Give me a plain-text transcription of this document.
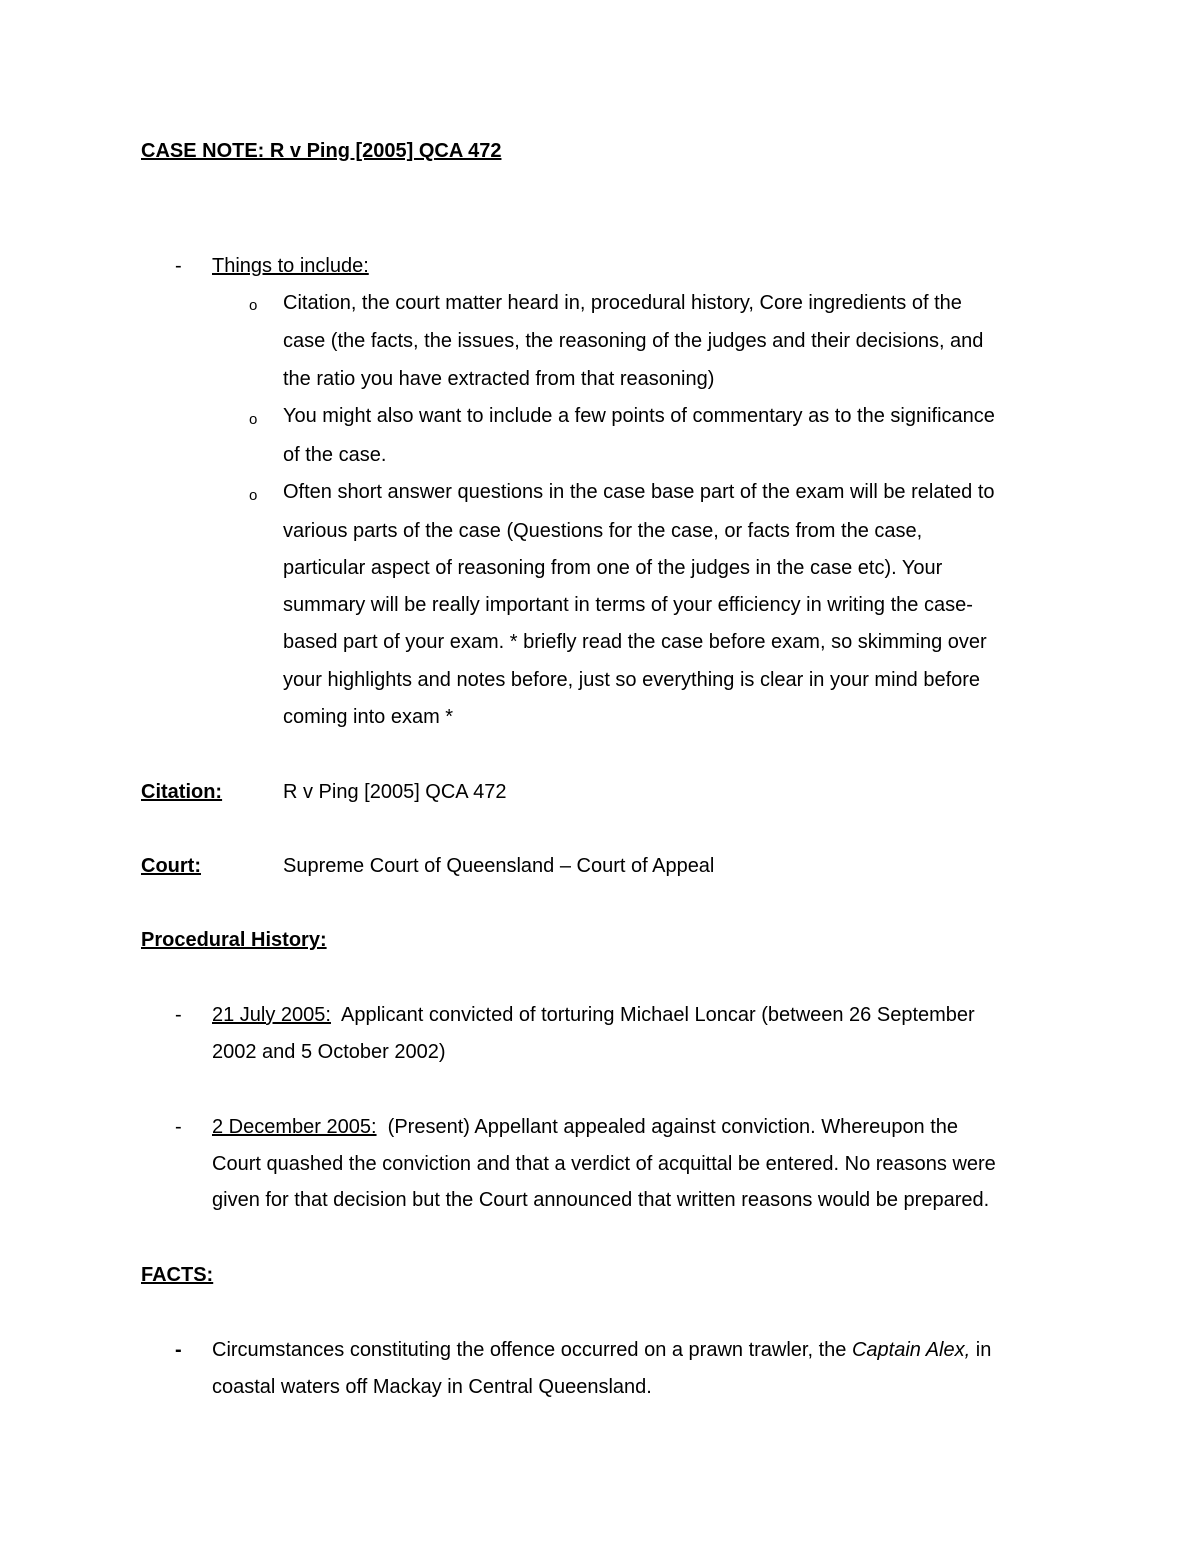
CASE NOTE: R v Ping [2005] QCA 472
- Things to include:
o Citation, the court matter heard in, procedural history, Core ingredients of the
case (the facts, the issues, the reasoning of the judges and their decisions, and
the ratio you have extracted from that reasoning)
o You might also want to include a few points of commentary as to the significance
of the case.
o Often short answer questions in the case base part of the exam will be related to
various parts of the case (Questions for the case, or facts from the case,
particular aspect of reasoning from one of the judges in the case etc). Your
summary will be really important in terms of your efficiency in writing the case-
based part of your exam. * briefly read the case before exam, so skimming over
your highlights and notes before, just so everything is clear in your mind before
coming into exam *
Citation:	R v Ping [2005] QCA 472
Court:	Supreme Court of Queensland – Court of Appeal
Procedural History:
- 21 July 2005: Applicant convicted of torturing Michael Loncar (between 26 September
2002 and 5 October 2002)
- 2 December 2005: (Present) Appellant appealed against conviction. Whereupon the
Court quashed the conviction and that a verdict of acquittal be entered. No reasons were
given for that decision but the Court announced that written reasons would be prepared.
FACTS:
- Circumstances constituting the offence occurred on a prawn trawler, the Captain Alex, in
coastal waters off Mackay in Central Queensland.
